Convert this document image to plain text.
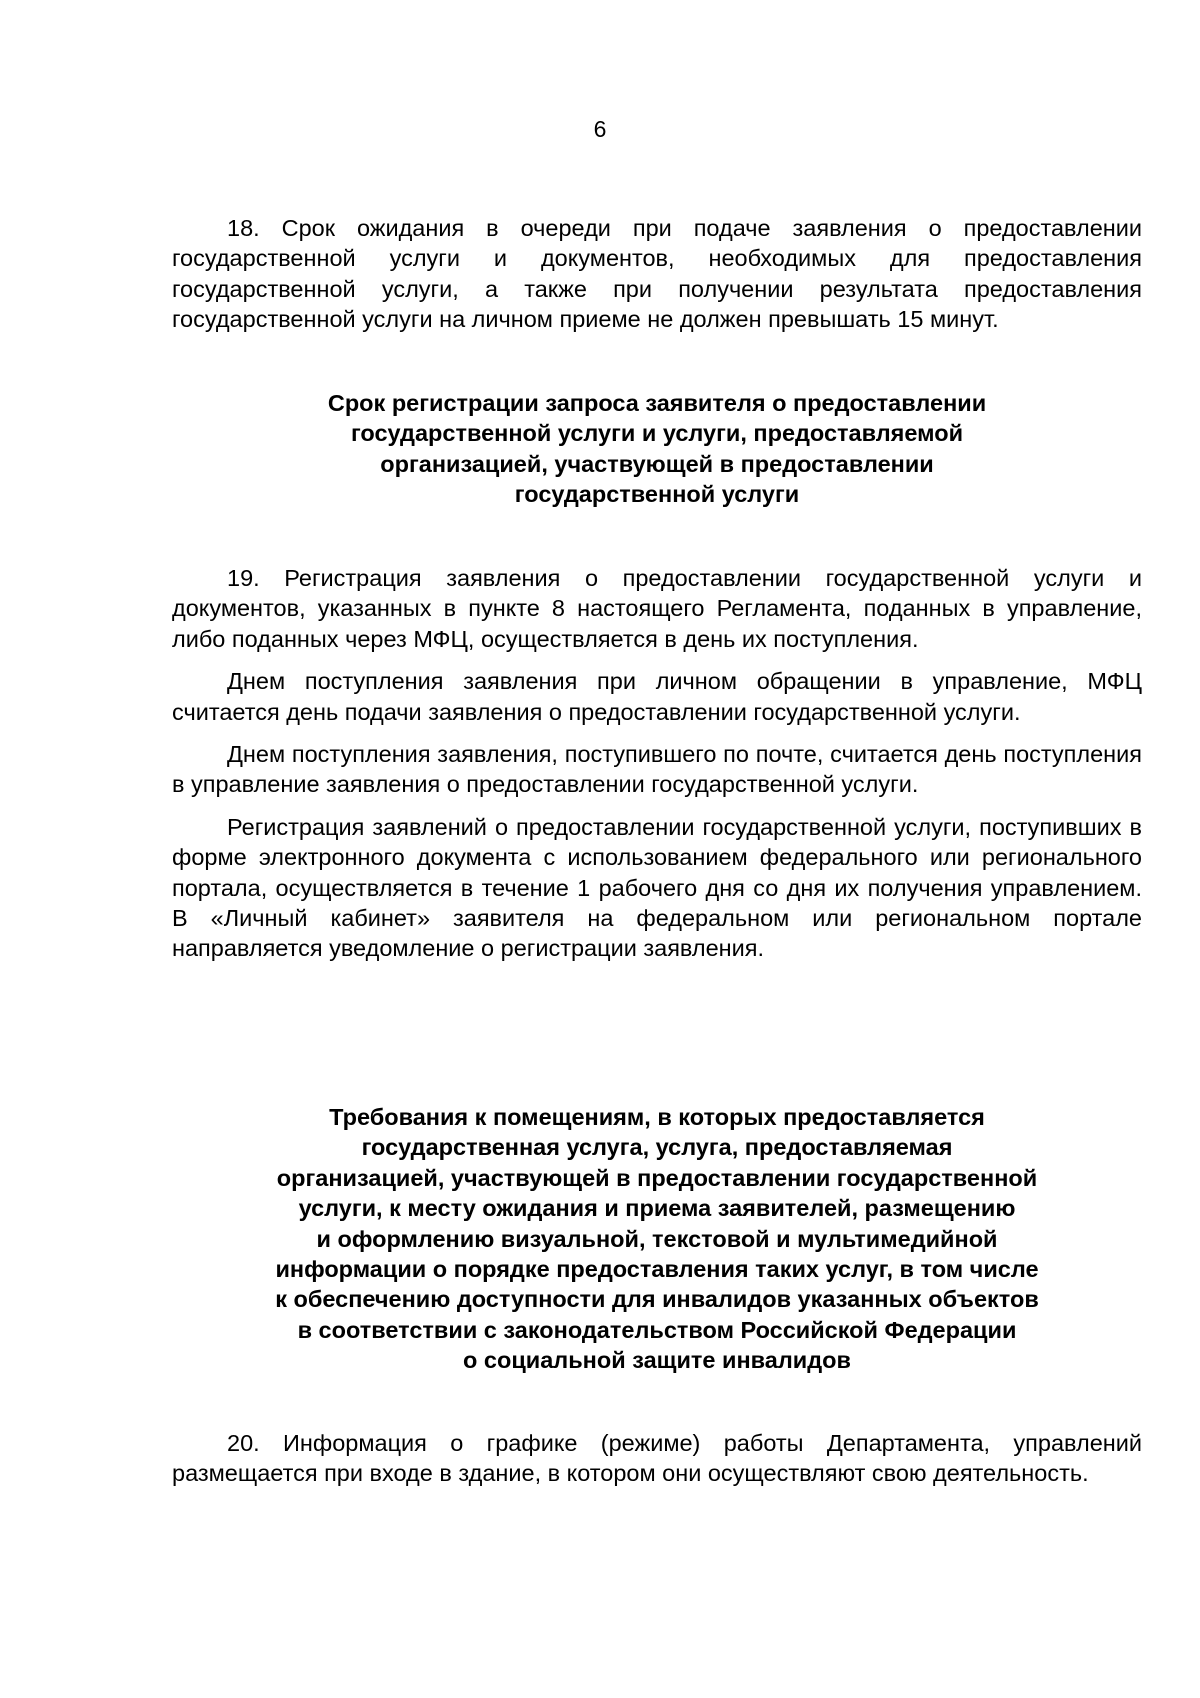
6

18. Срок ожидания в очереди при подаче заявления о предоставлении государственной услуги и документов, необходимых для предоставления государственной услуги, а также при получении результата предоставления государственной услуги на личном приеме не должен превышать 15 минут.

Срок регистрации запроса заявителя о предоставлении
государственной услуги и услуги, предоставляемой
организацией, участвующей в предоставлении
государственной услуги

19. Регистрация заявления о предоставлении государственной услуги и документов, указанных в пункте 8 настоящего Регламента, поданных в управление, либо поданных через МФЦ, осуществляется в день их поступления.

Днем поступления заявления при личном обращении в управление, МФЦ считается день подачи заявления о предоставлении государственной услуги.

Днем поступления заявления, поступившего по почте, считается день поступления в управление заявления о предоставлении государственной услуги.

Регистрация заявлений о предоставлении государственной услуги, поступивших в форме электронного документа с использованием федерального или регионального портала, осуществляется в течение 1 рабочего дня со дня их получения управлением. В «Личный кабинет» заявителя на федеральном или региональном портале направляется уведомление о регистрации заявления.

Требования к помещениям, в которых предоставляется
государственная услуга, услуга, предоставляемая
организацией, участвующей в предоставлении государственной
услуги, к месту ожидания и приема заявителей, размещению
и оформлению визуальной, текстовой и мультимедийной
информации о порядке предоставления таких услуг, в том числе
к обеспечению доступности для инвалидов указанных объектов
в соответствии с законодательством Российской Федерации
о социальной защите инвалидов

20. Информация о графике (режиме) работы Департамента, управлений размещается при входе в здание, в котором они осуществляют свою деятельность.
